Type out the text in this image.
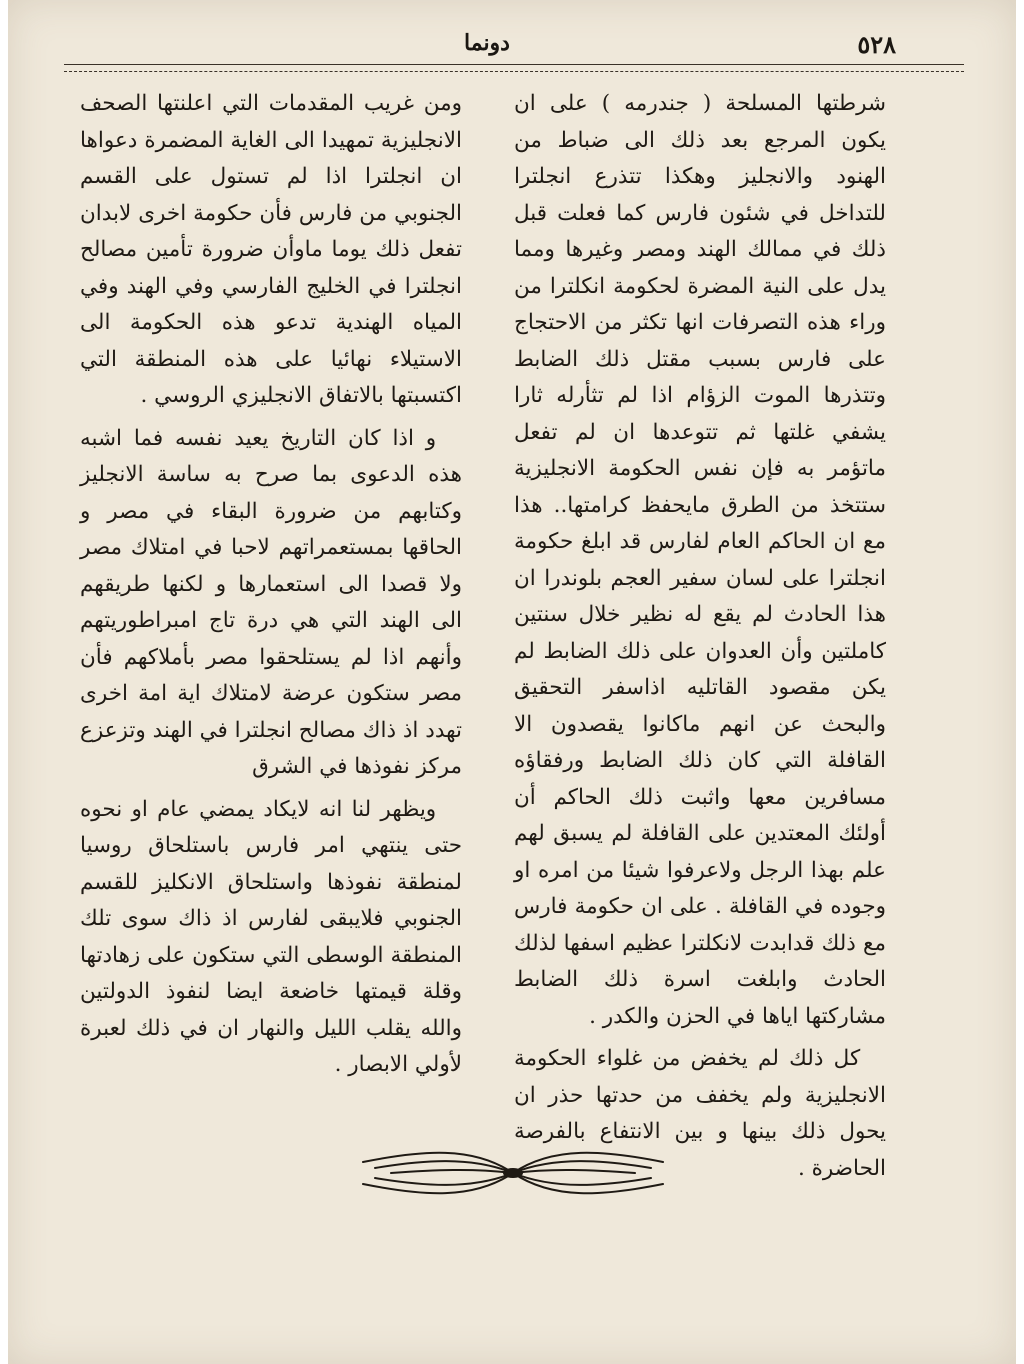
٥٢٨
دونما

شرطتها المسلحة ( جندرمه ) على ان يكون المرجع بعد ذلك الى ضباط من الهنود والانجليز وهكذا تتذرع انجلترا للتداخل في شئون فارس كما فعلت قبل ذلك في ممالك الهند ومصر وغيرها ومما يدل على النية المضرة لحكومة انكلترا من وراء هذه التصرفات انها تكثر من الاحتجاج على فارس بسبب مقتل ذلك الضابط وتتذرها الموت الزؤام اذا لم تثأرله ثارا يشفي غلتها ثم تتوعدها ان لم تفعل ماتؤمر به فإن نفس الحكومة الانجليزية ستتخذ من الطرق مايحفظ كرامتها.. هذا مع ان الحاكم العام لفارس قد ابلغ حكومة انجلترا على لسان سفير العجم بلوندرا ان هذا الحادث لم يقع له نظير خلال سنتين كاملتين وأن العدوان على ذلك الضابط لم يكن مقصود القاتليه اذاسفر التحقيق والبحث عن انهم ماكانوا يقصدون الا القافلة التي كان ذلك الضابط ورفقاؤه مسافرين معها واثبت ذلك الحاكم أن أولئك المعتدين على القافلة لم يسبق لهم علم بهذا الرجل ولاعرفوا شيئا من امره او وجوده في القافلة . على ان حكومة فارس مع ذلك قدابدت لانكلترا عظيم اسفها لذلك الحادث وابلغت اسرة ذلك الضابط مشاركتها اياها في الحزن والكدر .

كل ذلك لم يخفض من غلواء الحكومة الانجليزية ولم يخفف من حدتها حذر ان يحول ذلك بينها و بين الانتفاع بالفرصة الحاضرة .

ومن غريب المقدمات التي اعلنتها الصحف الانجليزية تمهيدا الى الغاية المضمرة دعواها ان انجلترا اذا لم تستول على القسم الجنوبي من فارس فأن حكومة اخرى لابدان تفعل ذلك يوما ماوأن ضرورة تأمين مصالح انجلترا في الخليج الفارسي وفي الهند وفي المياه الهندية تدعو هذه الحكومة الى الاستيلاء نهائيا على هذه المنطقة التي اكتسبتها بالاتفاق الانجليزي الروسي .

و اذا كان التاريخ يعيد نفسه فما اشبه هذه الدعوى بما صرح به ساسة الانجليز وكتابهم من ضرورة البقاء في مصر و الحاقها بمستعمراتهم لاحبا في امتلاك مصر ولا قصدا الى استعمارها و لكنها طريقهم الى الهند التي هي درة تاج امبراطوريتهم وأنهم اذا لم يستلحقوا مصر بأملاكهم فأن مصر ستكون عرضة لامتلاك اية امة اخرى تهدد اذ ذاك مصالح انجلترا في الهند وتزعزع مركز نفوذها في الشرق

ويظهر لنا انه لايكاد يمضي عام او نحوه حتى ينتهي امر فارس باستلحاق روسيا لمنطقة نفوذها واستلحاق الانكليز للقسم الجنوبي فلايبقى لفارس اذ ذاك سوى تلك المنطقة الوسطى التي ستكون على زهادتها وقلة قيمتها خاضعة ايضا لنفوذ الدولتين والله يقلب الليل والنهار ان في ذلك لعبرة لأولي الابصار .
